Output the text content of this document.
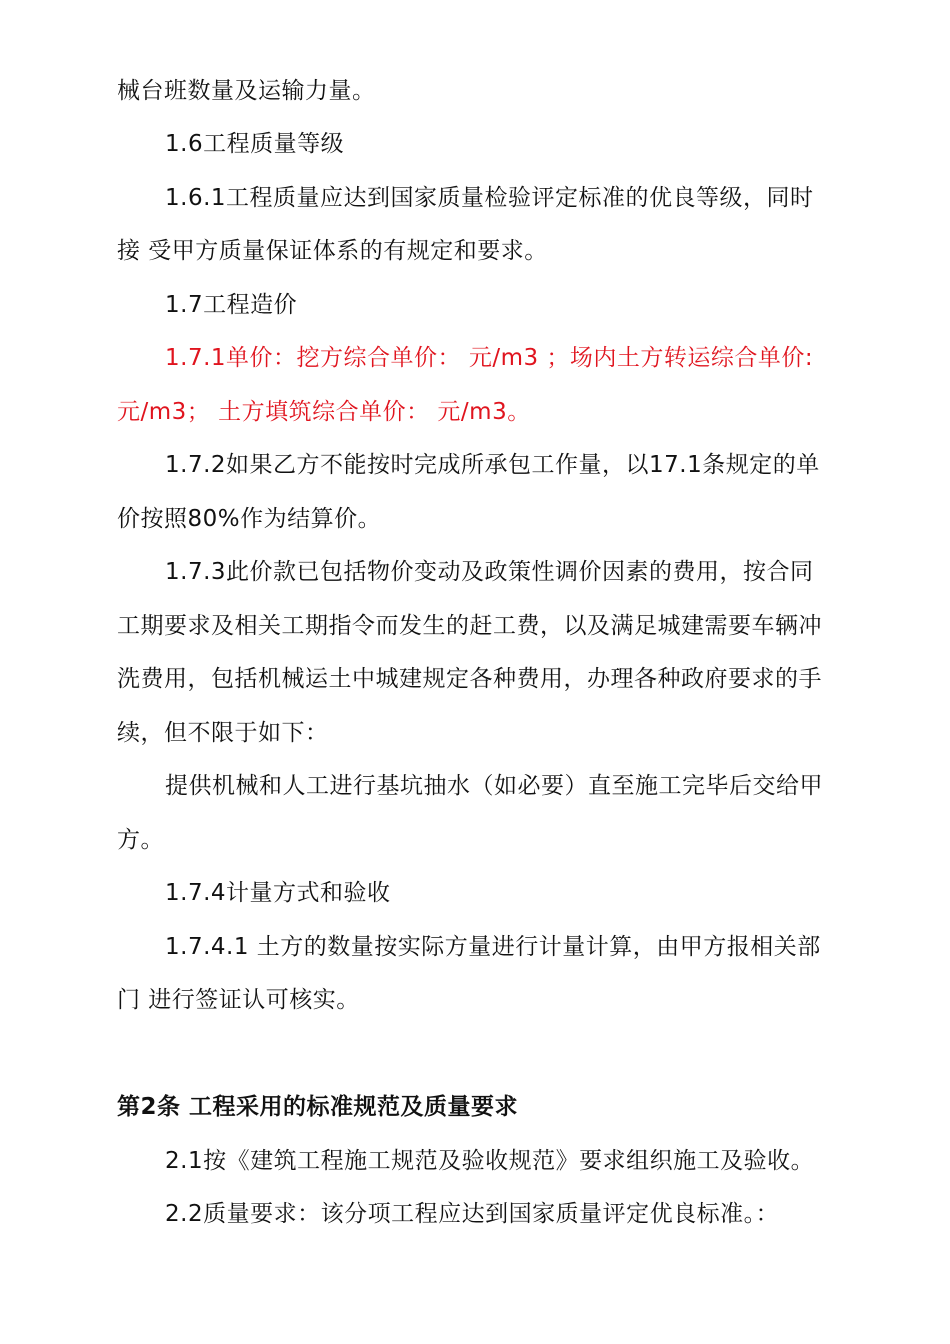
械台班数量及运输力量。
1.6工程质量等级
1.6.1工程质量应达到国家质量检验评定标准的优良等级，同时
接 受甲方质量保证体系的有规定和要求。
1.7工程造价
1.7.1单价：挖方综合单价： 元/m3 ；场内土方转运综合单价:
元/m3； 土方填筑综合单价： 元/m3。
1.7.2如果乙方不能按时完成所承包工作量，以17.1条规定的单
价按照80%作为结算价。
1.7.3此价款已包括物价变动及政策性调价因素的费用，按合同
工期要求及相关工期指令而发生的赶工费，以及满足城建需要车辆冲
洗费用，包括机械运土中城建规定各种费用，办理各种政府要求的手
续，但不限于如下：
提供机械和人工进行基坑抽水（如必要）直至施工完毕后交给甲
方。
1.7.4计量方式和验收
1.7.4.1 土方的数量按实际方量进行计量计算，由甲方报相关部
门 进行签证认可核实。
第2条 工程采用的标准规范及质量要求
2.1按《建筑工程施工规范及验收规范》要求组织施工及验收。
2.2质量要求：该分项工程应达到国家质量评定优良标准。：
